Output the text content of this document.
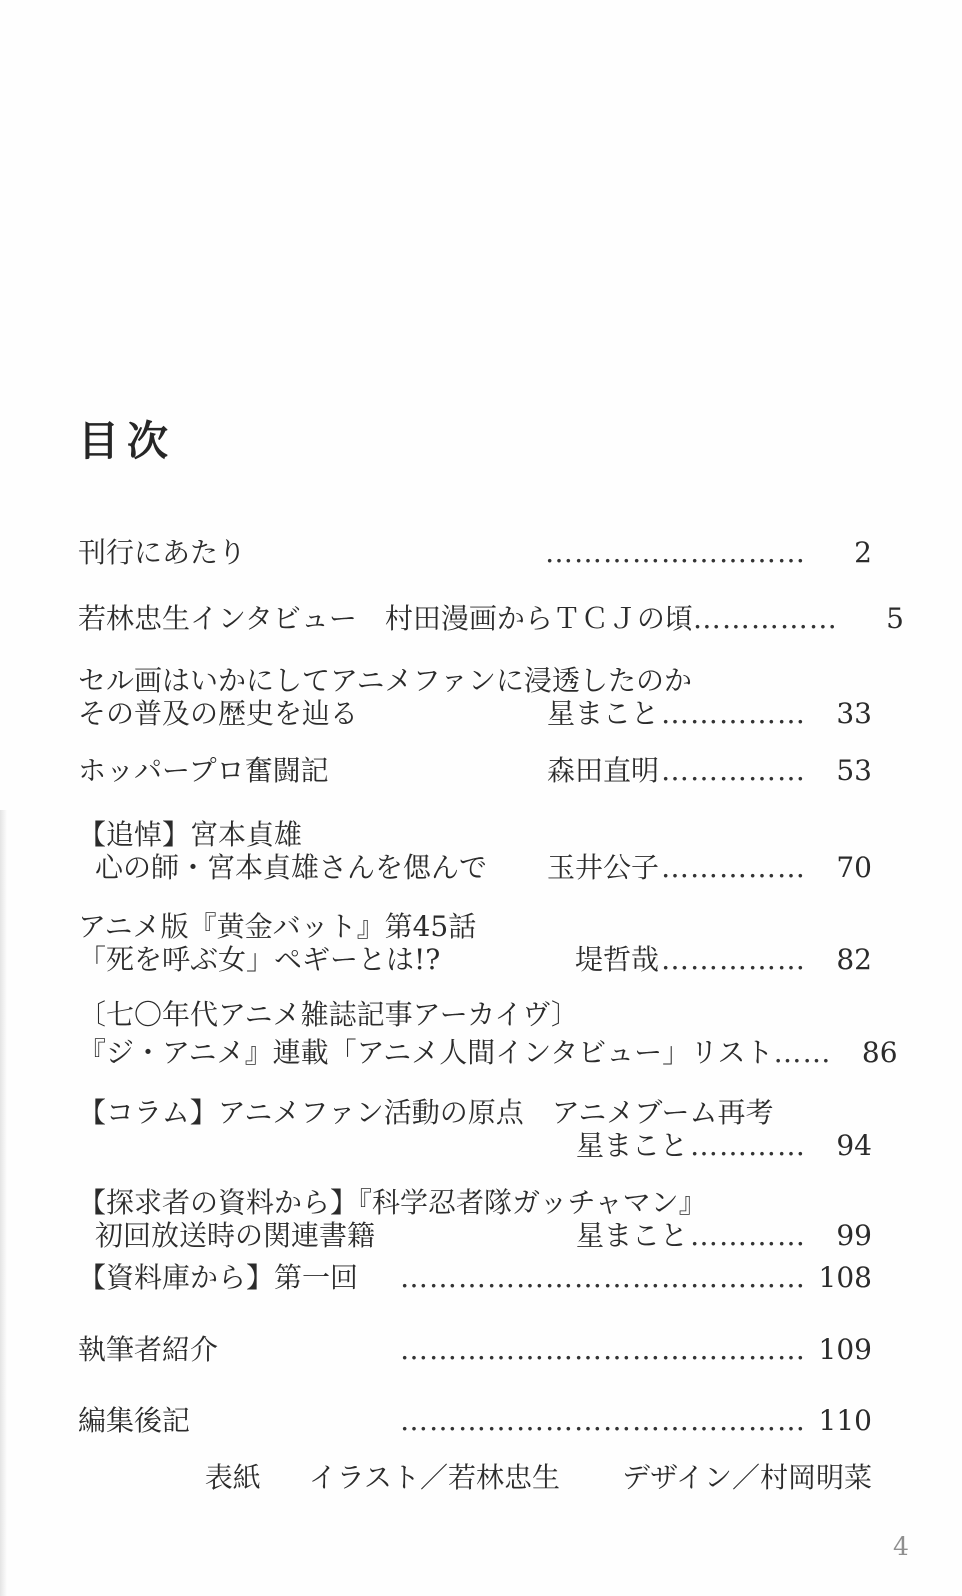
目次
刊行にあたり	………………………	2
若林忠生インタビュー　村田漫画からＴＣＪの頃 ……………	5
セル画はいかにしてアニメファンに浸透したのか
その普及の歴史を辿る	星まこと ……………	33
ホッパープロ奮闘記	森田直明 ……………	53
【追悼】宮本貞雄
心の師・宮本貞雄さんを偲んで 玉井公子 ……………	70
アニメ版『黄金バット』第45話
「死を呼ぶ女」ペギーとは!?	堤哲哉 ……………	82
〔七〇年代アニメ雑誌記事アーカイヴ〕
『ジ・アニメ』連載「アニメ人間インタビュー」リスト ……	86
【コラム】アニメファン活動の原点　アニメブーム再考
星まこと …………	94
【探求者の資料から】『科学忍者隊ガッチャマン』
初回放送時の関連書籍	星まこと …………	99
【資料庫から】第一回 …………………………………… 108
執筆者紹介	…………………………………… 109
編集後記	…………………………………… 110
表紙 イラスト／若林忠生 デザイン／村岡明菜
4
